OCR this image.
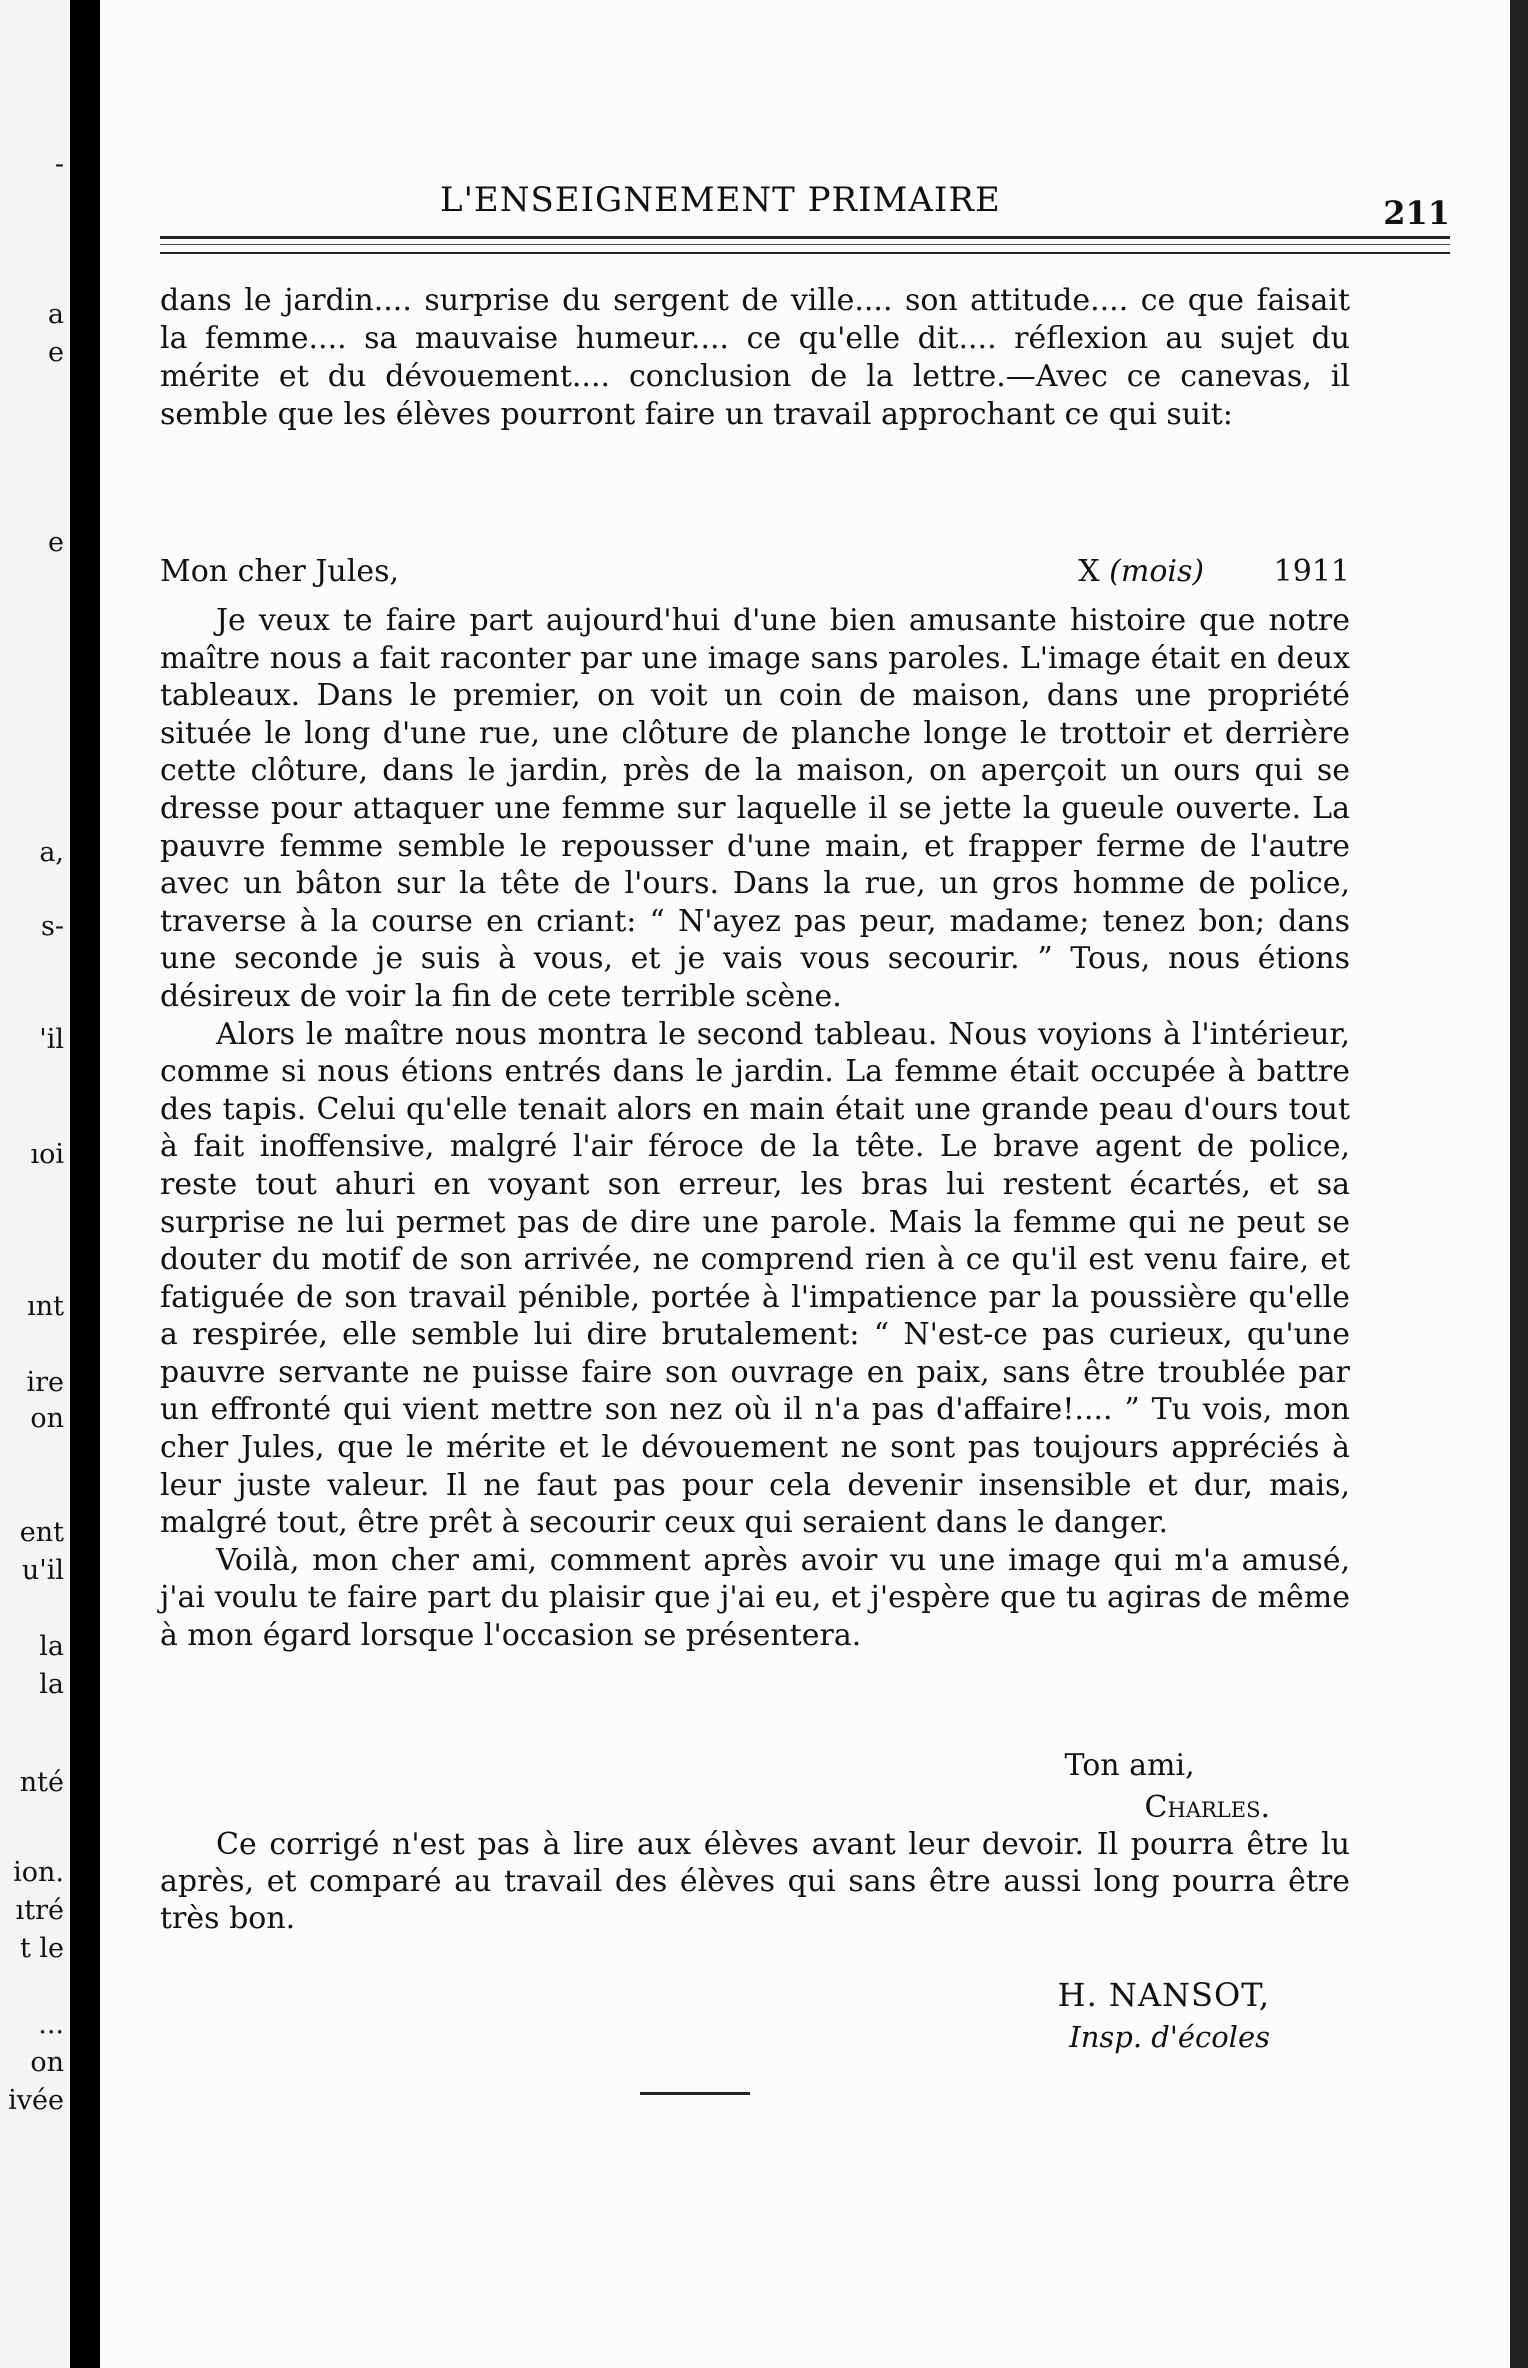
-
a
e
e
a,
s-
'il
ıoi
ınt
ire
on
ent
u'il
la
la
nté
ion.
ıtré
t le
...
on
ivée
L'ENSEIGNEMENT PRIMAIRE	211

dans le jardin.... surprise du sergent de ville.... son attitude.... ce que faisait la femme.... sa mauvaise humeur.... ce qu'elle dit.... réflexion au sujet du mérite et du dévouement.... conclusion de la lettre.—Avec ce canevas, il semble que les élèves pourront faire un travail approchant ce qui suit:

Mon cher Jules,	X (mois) 1911

Je veux te faire part aujourd'hui d'une bien amusante histoire que notre maître nous a fait raconter par une image sans paroles. L'image était en deux tableaux. Dans le premier, on voit un coin de maison, dans une propriété située le long d'une rue, une clôture de planche longe le trottoir et derrière cette clôture, dans le jardin, près de la maison, on aperçoit un ours qui se dresse pour attaquer une femme sur laquelle il se jette la gueule ouverte. La pauvre femme semble le repousser d'une main, et frapper ferme de l'autre avec un bâton sur la tête de l'ours. Dans la rue, un gros homme de police, traverse à la course en criant: “ N'ayez pas peur, madame; tenez bon; dans une seconde je suis à vous, et je vais vous secourir. ” Tous, nous étions désireux de voir la fin de cete terrible scène.

Alors le maître nous montra le second tableau. Nous voyions à l'intérieur, comme si nous étions entrés dans le jardin. La femme était occupée à battre des tapis. Celui qu'elle tenait alors en main était une grande peau d'ours tout à fait inoffensive, malgré l'air féroce de la tête. Le brave agent de police, reste tout ahuri en voyant son erreur, les bras lui restent écartés, et sa surprise ne lui permet pas de dire une parole. Mais la femme qui ne peut se douter du motif de son arrivée, ne comprend rien à ce qu'il est venu faire, et fatiguée de son travail pénible, portée à l'impatience par la poussière qu'elle a respirée, elle semble lui dire brutalement: “ N'est-ce pas curieux, qu'une pauvre servante ne puisse faire son ouvrage en paix, sans être troublée par un effronté qui vient mettre son nez où il n'a pas d'affaire!.... ” Tu vois, mon cher Jules, que le mérite et le dévouement ne sont pas toujours appréciés à leur juste valeur. Il ne faut pas pour cela devenir insensible et dur, mais, malgré tout, être prêt à secourir ceux qui seraient dans le danger.

Voilà, mon cher ami, comment après avoir vu une image qui m'a amusé, j'ai voulu te faire part du plaisir que j'ai eu, et j'espère que tu agiras de même à mon égard lorsque l'occasion se présentera.

Ton ami,
Charles.

Ce corrigé n'est pas à lire aux élèves avant leur devoir. Il pourra être lu après, et comparé au travail des élèves qui sans être aussi long pourra être très bon.

H. NANSOT,
Insp. d'écoles
